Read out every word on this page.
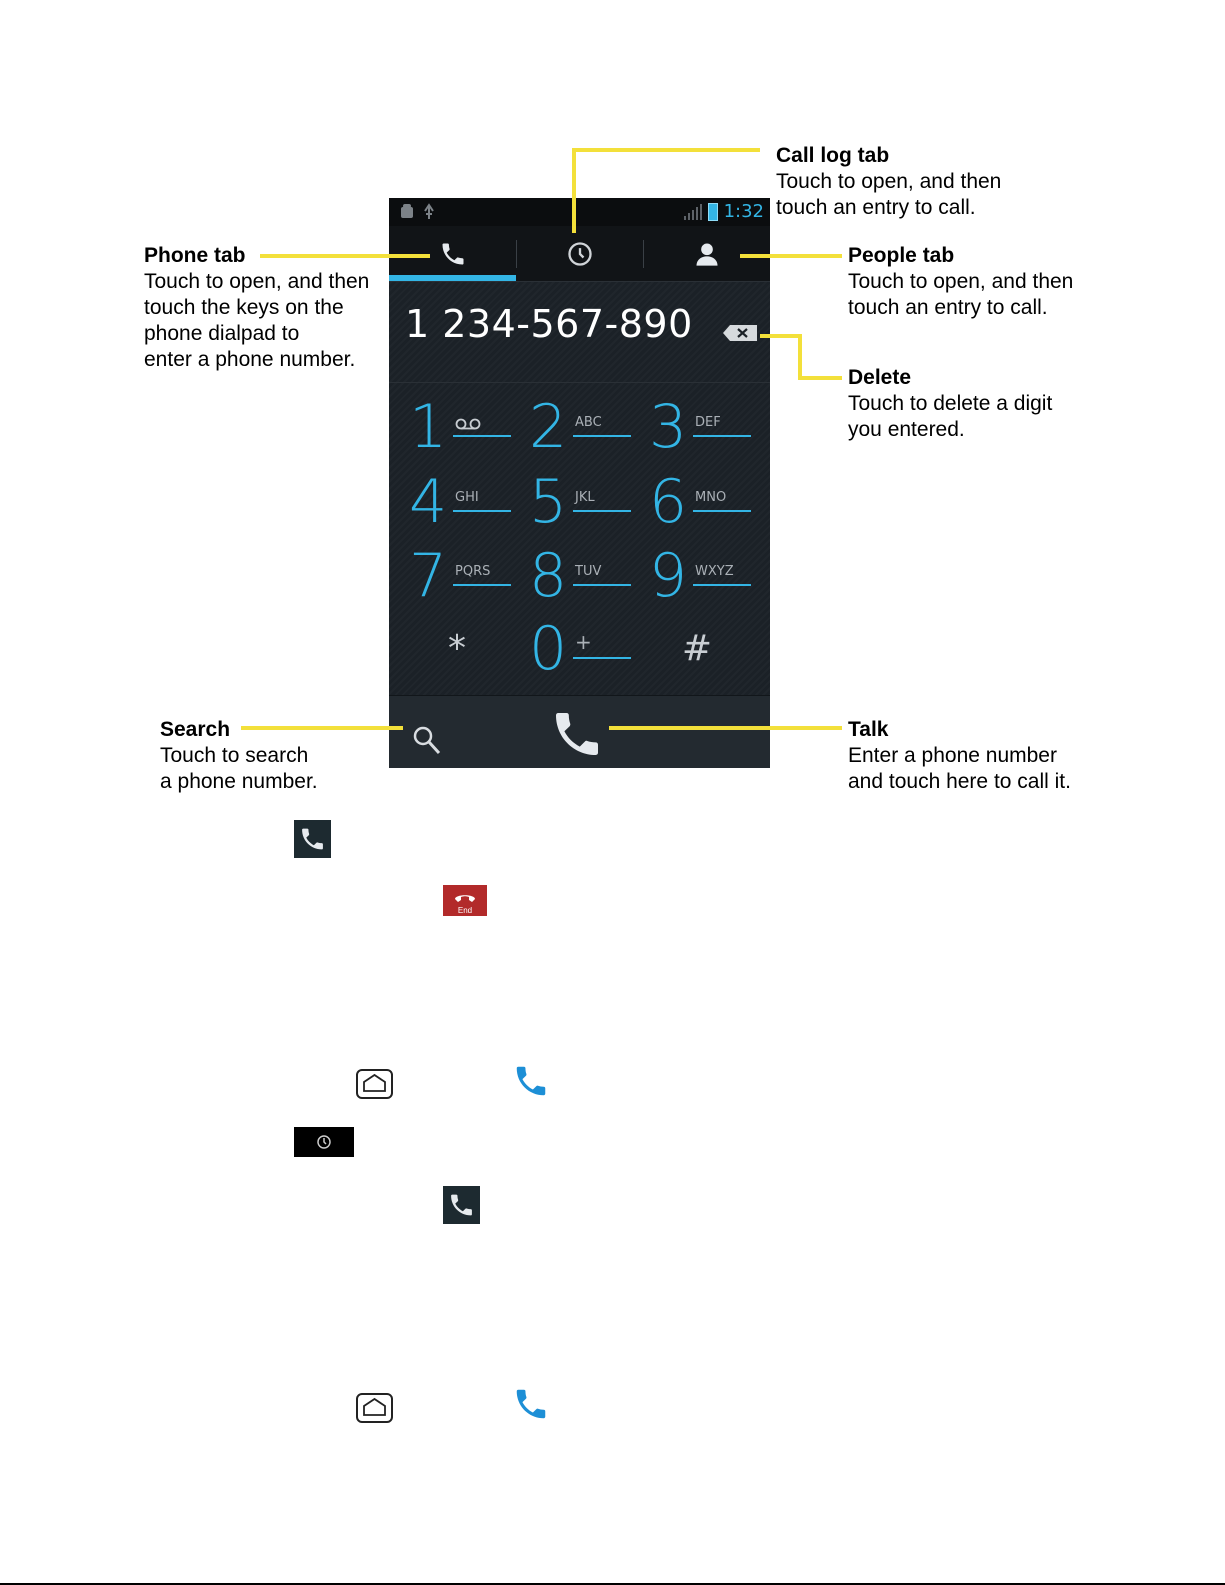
1:32
1 234-567-890
1 2 ABC 3 DEF
4 GHI 5 JKL 6 MNO
7 PQRS 8 TUV 9 WXYZ
*	0 +	#
Call log tab
Touch to open, and then
touch an entry to call.
Phone tab
Touch to open, and then
touch the keys on the
phone dialpad to
enter a phone number.
People tab
Touch to open, and then
touch an entry to call.
Delete
Touch to delete a digit
you entered.
Search
Touch to search
a phone number.
Talk
Enter a phone number
and touch here to call it.
End
